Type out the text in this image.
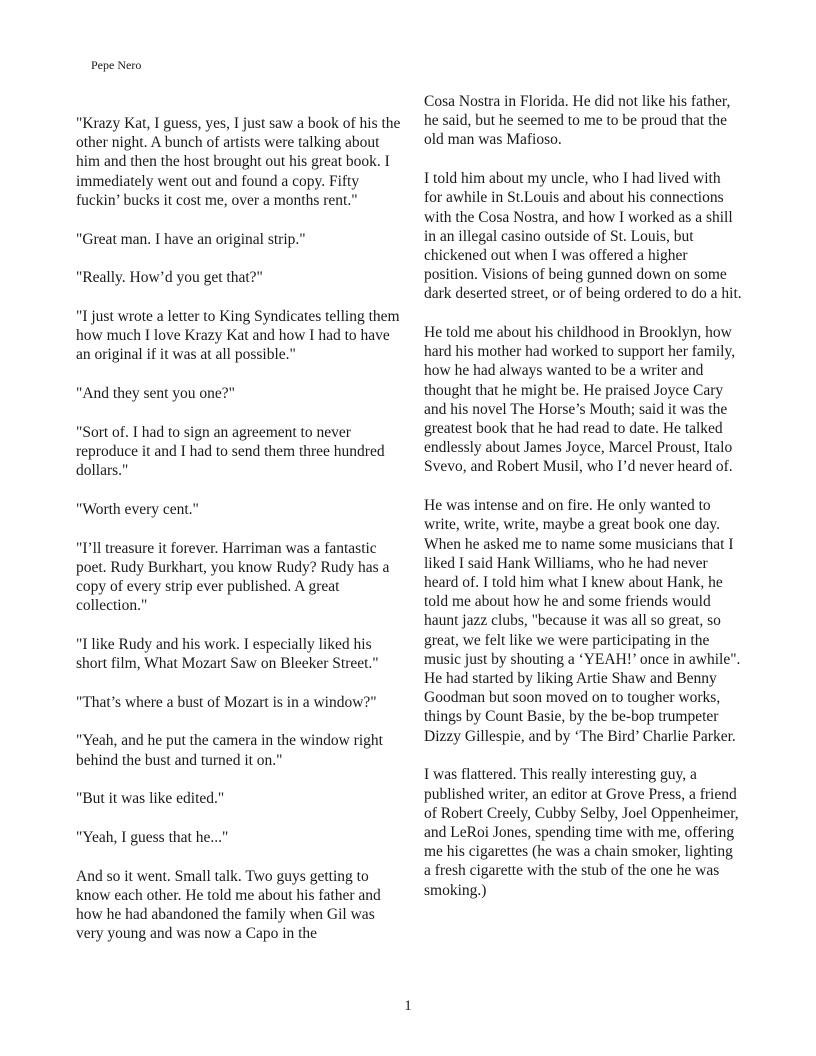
Pepe Nero

"Krazy Kat, I guess, yes, I just saw a book of his the other night. A bunch of artists were talking about him and then the host brought out his great book. I immediately went out and found a copy. Fifty fuckin’ bucks it cost me, over a months rent."

"Great man. I have an original strip."

"Really. How’d you get that?"

"I just wrote a letter to King Syndicates telling them how much I love Krazy Kat and how I had to have an original if it was at all possible."

"And they sent you one?"

"Sort of. I had to sign an agreement to never reproduce it and I had to send them three hundred dollars."

"Worth every cent."

"I’ll treasure it forever. Harriman was a fantastic poet. Rudy Burkhart, you know Rudy? Rudy has a copy of every strip ever published. A great collection."

"I like Rudy and his work. I especially liked his short film, What Mozart Saw on Bleeker Street."

"That’s where a bust of Mozart is in a window?"

"Yeah, and he put the camera in the window right behind the bust and turned it on."

"But it was like edited."

"Yeah, I guess that he..."

And so it went. Small talk. Two guys getting to know each other. He told me about his father and how he had abandoned the family when Gil was very young and was now a Capo in the

Cosa Nostra in Florida. He did not like his father, he said, but he seemed to me to be proud that the old man was Mafioso.

I told him about my uncle, who I had lived with for awhile in St.Louis and about his connections with the Cosa Nostra, and how I worked as a shill in an illegal casino outside of St. Louis, but chickened out when I was offered a higher position. Visions of being gunned down on some dark deserted street, or of being ordered to do a hit.

He told me about his childhood in Brooklyn, how hard his mother had worked to support her family, how he had always wanted to be a writer and thought that he might be. He praised Joyce Cary and his novel The Horse’s Mouth; said it was the greatest book that he had read to date. He talked endlessly about James Joyce, Marcel Proust, Italo Svevo, and Robert Musil, who I’d never heard of.

He was intense and on fire. He only wanted to write, write, write, maybe a great book one day. When he asked me to name some musicians that I liked I said Hank Williams, who he had never heard of. I told him what I knew about Hank, he told me about how he and some friends would haunt jazz clubs, "because it was all so great, so great, we felt like we were participating in the music just by shouting a ‘YEAH!’ once in awhile". He had started by liking Artie Shaw and Benny Goodman but soon moved on to tougher works, things by Count Basie, by the be-bop trumpeter Dizzy Gillespie, and by ‘The Bird’ Charlie Parker.

I was flattered. This really interesting guy, a published writer, an editor at Grove Press, a friend of Robert Creely, Cubby Selby, Joel Oppenheimer, and LeRoi Jones, spending time with me, offering me his cigarettes (he was a chain smoker, lighting a fresh cigarette with the stub of the one he was smoking.)

1
